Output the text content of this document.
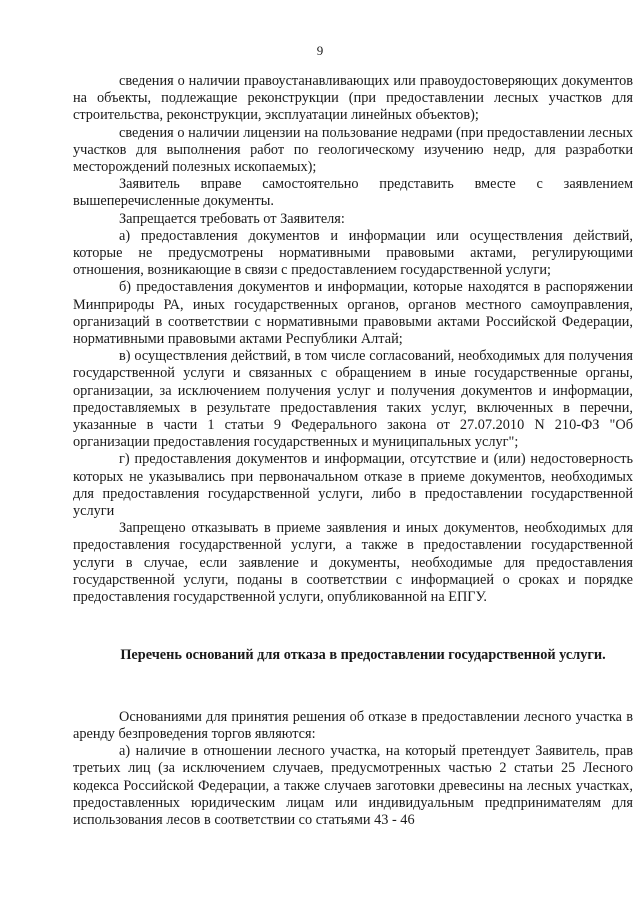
9

сведения о наличии правоустанавливающих или правоудостоверяющих документов на объекты, подлежащие реконструкции (при предоставлении лесных участков для строительства, реконструкции, эксплуатации линейных объектов);

сведения о наличии лицензии на пользование недрами (при предоставлении лесных участков для выполнения работ по геологическому изучению недр, для разработки месторождений полезных ископаемых);

Заявитель вправе самостоятельно представить вместе с заявлением вышеперечисленные документы.

Запрещается требовать от Заявителя:

а) предоставления документов и информации или осуществления действий, которые не предусмотрены нормативными правовыми актами, регулирующими отношения, возникающие в связи с предоставлением государственной услуги;

б) предоставления документов и информации, которые находятся в распоряжении Минприроды РА, иных государственных органов, органов местного самоуправления, организаций в соответствии с нормативными правовыми актами Российской Федерации, нормативными правовыми актами Республики Алтай;

в) осуществления действий, в том числе согласований, необходимых для получения государственной услуги и связанных с обращением в иные государственные органы, организации, за исключением получения услуг и получения документов и информации, предоставляемых в результате предоставления таких услуг, включенных в перечни, указанные в части 1 статьи 9 Федерального закона от 27.07.2010 N 210-ФЗ "Об организации предоставления государственных и муниципальных услуг";

г) предоставления документов и информации, отсутствие и (или) недостоверность которых не указывались при первоначальном отказе в приеме документов, необходимых для предоставления государственной услуги, либо в предоставлении государственной услуги

Запрещено отказывать в приеме заявления и иных документов, необходимых для предоставления государственной услуги, а также в предоставлении государственной услуги в случае, если заявление и документы, необходимые для предоставления государственной услуги, поданы в соответствии с информацией о сроках и порядке предоставления государственной услуги, опубликованной на ЕПГУ.

Перечень оснований для отказа в предоставлении государственной услуги.

Основаниями для принятия решения об отказе в предоставлении лесного участка в аренду безпроведения торгов являются:

а) наличие в отношении лесного участка, на который претендует Заявитель, прав третьих лиц (за исключением случаев, предусмотренных частью 2 статьи 25 Лесного кодекса Российской Федерации, а также случаев заготовки древесины на лесных участках, предоставленных юридическим лицам или индивидуальным предпринимателям для использования лесов в соответствии со статьями 43 - 46
